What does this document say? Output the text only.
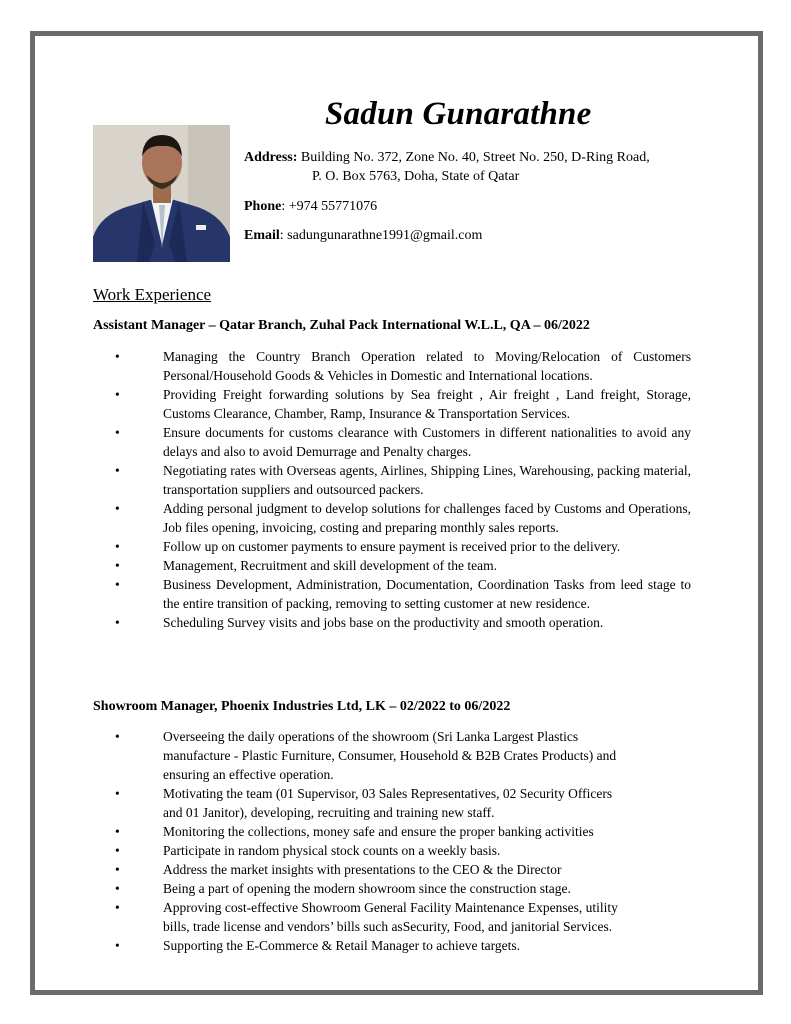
Sadun Gunarathne
Address: Building No. 372, Zone No. 40, Street No. 250, D-Ring Road,
P. O. Box 5763, Doha, State of Qatar
Phone: +974 55771076
Email: sadungunarathne1991@gmail.com
Work Experience
Assistant Manager – Qatar Branch, Zuhal Pack International W.L.L, QA – 06/2022
•	Managing the Country Branch Operation related to Moving/Relocation of Customers Personal/Household Goods & Vehicles in Domestic and International locations.
•	Providing Freight forwarding solutions by Sea freight , Air freight , Land freight, Storage, Customs Clearance, Chamber, Ramp, Insurance & Transportation Services.
•	Ensure documents for customs clearance with Customers in different nationalities to avoid any delays and also to avoid Demurrage and Penalty charges.
•	Negotiating rates with Overseas agents, Airlines, Shipping Lines, Warehousing, packing material, transportation suppliers and outsourced packers.
•	Adding personal judgment to develop solutions for challenges faced by Customs and Operations, Job files opening, invoicing, costing and preparing monthly sales reports.
•	Follow up on customer payments to ensure payment is received prior to the delivery.
•	Management, Recruitment and skill development of the team.
•	Business Development, Administration, Documentation, Coordination Tasks from leed stage to the entire transition of packing, removing to setting customer at new residence.
•	Scheduling Survey visits and jobs base on the productivity and smooth operation.
Showroom Manager, Phoenix Industries Ltd, LK – 02/2022 to 06/2022
•	Overseeing the daily operations of the showroom (Sri Lanka Largest Plastics manufacture - Plastic Furniture, Consumer, Household & B2B Crates Products) and ensuring an effective operation.
•	Motivating the team (01 Supervisor, 03 Sales Representatives, 02 Security Officers and 01 Janitor), developing, recruiting and training new staff.
•	Monitoring the collections, money safe and ensure the proper banking activities
•	Participate in random physical stock counts on a weekly basis.
•	Address the market insights with presentations to the CEO & the Director
•	Being a part of opening the modern showroom since the construction stage.
•	Approving cost-effective Showroom General Facility Maintenance Expenses, utility bills, trade license and vendors’ bills such asSecurity, Food, and janitorial Services.
•	Supporting the E-Commerce & Retail Manager to achieve targets.
